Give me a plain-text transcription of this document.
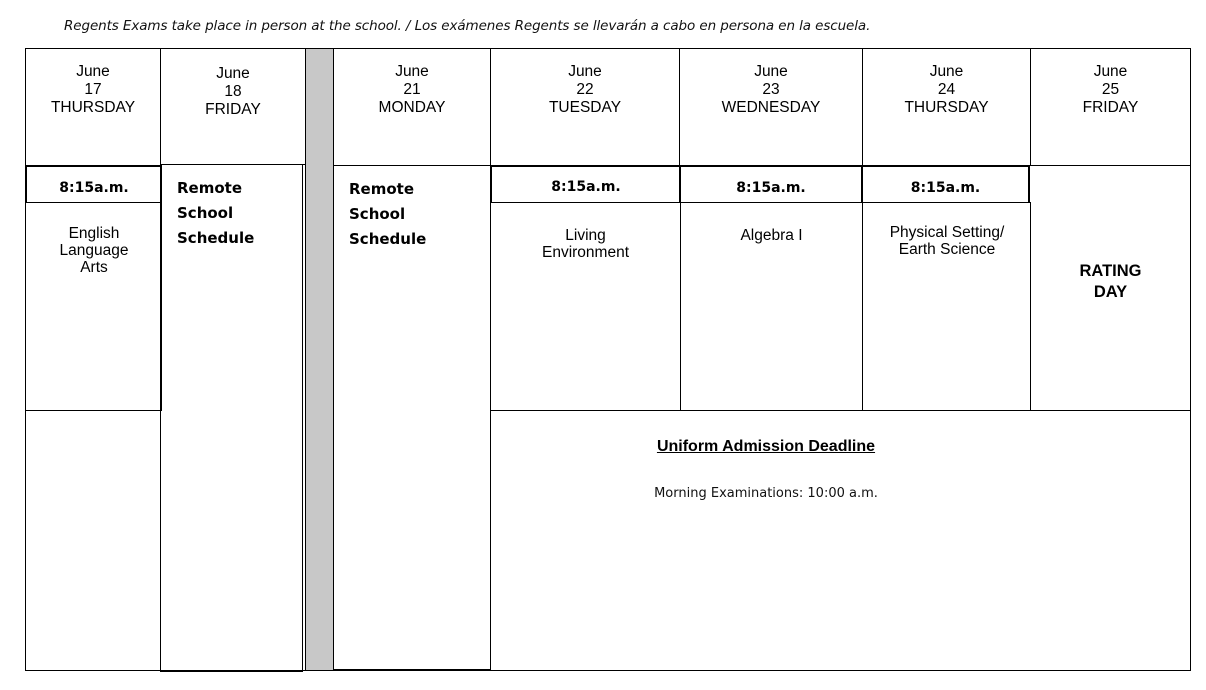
Regents Exams take place in person at the school. / Los exámenes Regents se llevarán a cabo en persona en la escuela.
June
17
THURSDAY
June
18
FRIDAY
June
21
MONDAY
June
22
TUESDAY
June
23
WEDNESDAY
June
24
THURSDAY
June
25
FRIDAY
8:15a.m.
English
Language
Arts
Remote
School
Schedule
Remote
School
Schedule
8:15a.m.
Living
Environment
8:15a.m.
Algebra I
8:15a.m.
Physical Setting/
Earth Science
RATING
DAY
Uniform Admission Deadline
Morning Examinations: 10:00 a.m.
